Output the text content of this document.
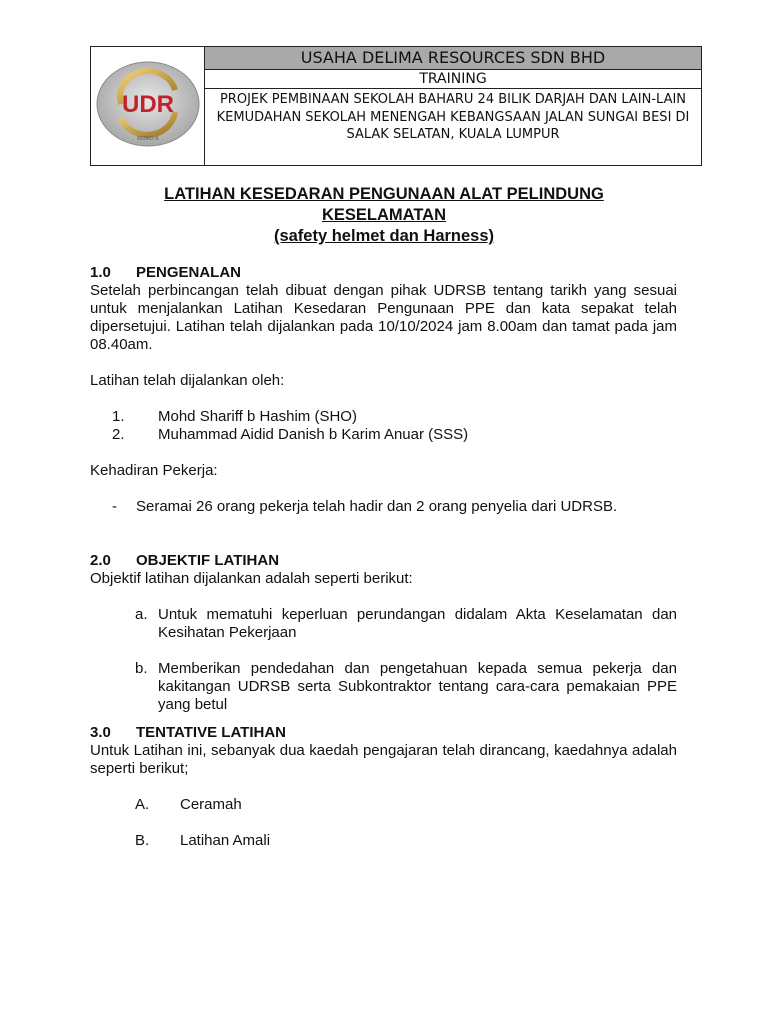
UDR
693962-K
USAHA DELIMA RESOURCES SDN BHD
TRAINING
PROJEK PEMBINAAN SEKOLAH BAHARU 24 BILIK DARJAH DAN LAIN-LAIN KEMUDAHAN SEKOLAH MENENGAH KEBANGSAAN JALAN SUNGAI BESI DI SALAK SELATAN, KUALA LUMPUR
LATIHAN KESEDARAN PENGUNAAN ALAT PELINDUNG
KESELAMATAN
(safety helmet dan Harness)
1.0	PENGENALAN
Setelah perbincangan telah dibuat dengan pihak UDRSB tentang tarikh yang sesuai untuk menjalankan Latihan Kesedaran Pengunaan PPE dan kata sepakat telah dipersetujui. Latihan telah dijalankan pada 10/10/2024 jam 8.00am dan tamat pada jam 08.40am.
Latihan telah dijalankan oleh:
1.	Mohd Shariff b Hashim (SHO)
2.	Muhammad Aidid Danish b Karim Anuar (SSS)
Kehadiran Pekerja:
-	Seramai 26 orang pekerja telah hadir dan 2 orang penyelia dari UDRSB.
2.0	OBJEKTIF LATIHAN
Objektif latihan dijalankan adalah seperti berikut:
a. Untuk mematuhi keperluan perundangan didalam Akta Keselamatan dan Kesihatan Pekerjaan
b. Memberikan pendedahan dan pengetahuan kepada semua pekerja dan kakitangan UDRSB serta Subkontraktor tentang cara-cara pemakaian PPE yang betul
3.0	TENTATIVE LATIHAN
Untuk Latihan ini, sebanyak dua kaedah pengajaran telah dirancang, kaedahnya adalah seperti berikut;
A.	Ceramah
B.	Latihan Amali
